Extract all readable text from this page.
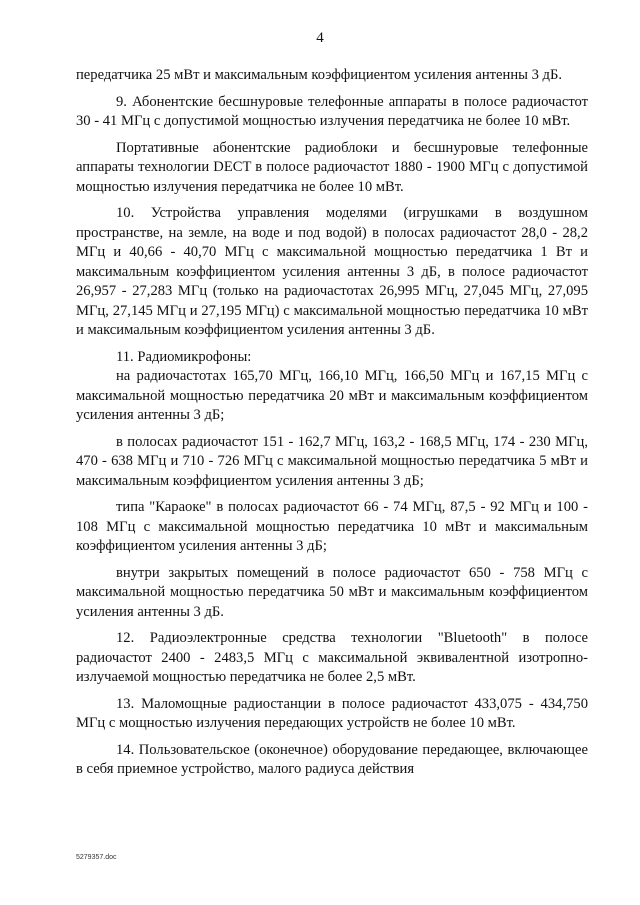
4

передатчика 25 мВт и максимальным коэффициентом усиления антенны 3 дБ.

9. Абонентские бесшнуровые телефонные аппараты в полосе радиочастот 30 - 41 МГц с допустимой мощностью излучения передатчика не более 10 мВт.

Портативные абонентские радиоблоки и бесшнуровые телефонные аппараты технологии DECT в полосе радиочастот 1880 - 1900 МГц с допустимой мощностью излучения передатчика не более 10 мВт.

10. Устройства управления моделями (игрушками в воздушном пространстве, на земле, на воде и под водой) в полосах радиочастот 28,0 - 28,2 МГц и 40,66 - 40,70 МГц с максимальной мощностью передатчика 1 Вт и максимальным коэффициентом усиления антенны 3 дБ, в полосе радиочастот 26,957 - 27,283 МГц (только на радиочастотах 26,995 МГц, 27,045 МГц, 27,095 МГц, 27,145 МГц и 27,195 МГц) с максимальной мощностью передатчика 10 мВт и максимальным коэффициентом усиления антенны 3 дБ.

11. Радиомикрофоны:

на радиочастотах 165,70 МГц, 166,10 МГц, 166,50 МГц и 167,15 МГц с максимальной мощностью передатчика 20 мВт и максимальным коэффициентом усиления антенны 3 дБ;

в полосах радиочастот 151 - 162,7 МГц, 163,2 - 168,5 МГц, 174 - 230 МГц, 470 - 638 МГц и 710 - 726 МГц с максимальной мощностью передатчика 5 мВт и максимальным коэффициентом усиления антенны 3 дБ;

типа "Караоке" в полосах радиочастот 66 - 74 МГц, 87,5 - 92 МГц и 100 - 108 МГц с максимальной мощностью передатчика 10 мВт и максимальным коэффициентом усиления антенны 3 дБ;

внутри закрытых помещений в полосе радиочастот 650 - 758 МГц с максимальной мощностью передатчика 50 мВт и максимальным коэффициентом усиления антенны 3 дБ.

12. Радиоэлектронные средства технологии "Bluetooth" в полосе радиочастот 2400 - 2483,5 МГц с максимальной эквивалентной изотропно-излучаемой мощностью передатчика не более 2,5 мВт.

13. Маломощные радиостанции в полосе радиочастот 433,075 - 434,750 МГц с мощностью излучения передающих устройств не более 10 мВт.

14. Пользовательское (оконечное) оборудование передающее, включающее в себя приемное устройство, малого радиуса действия

5279357.doc
